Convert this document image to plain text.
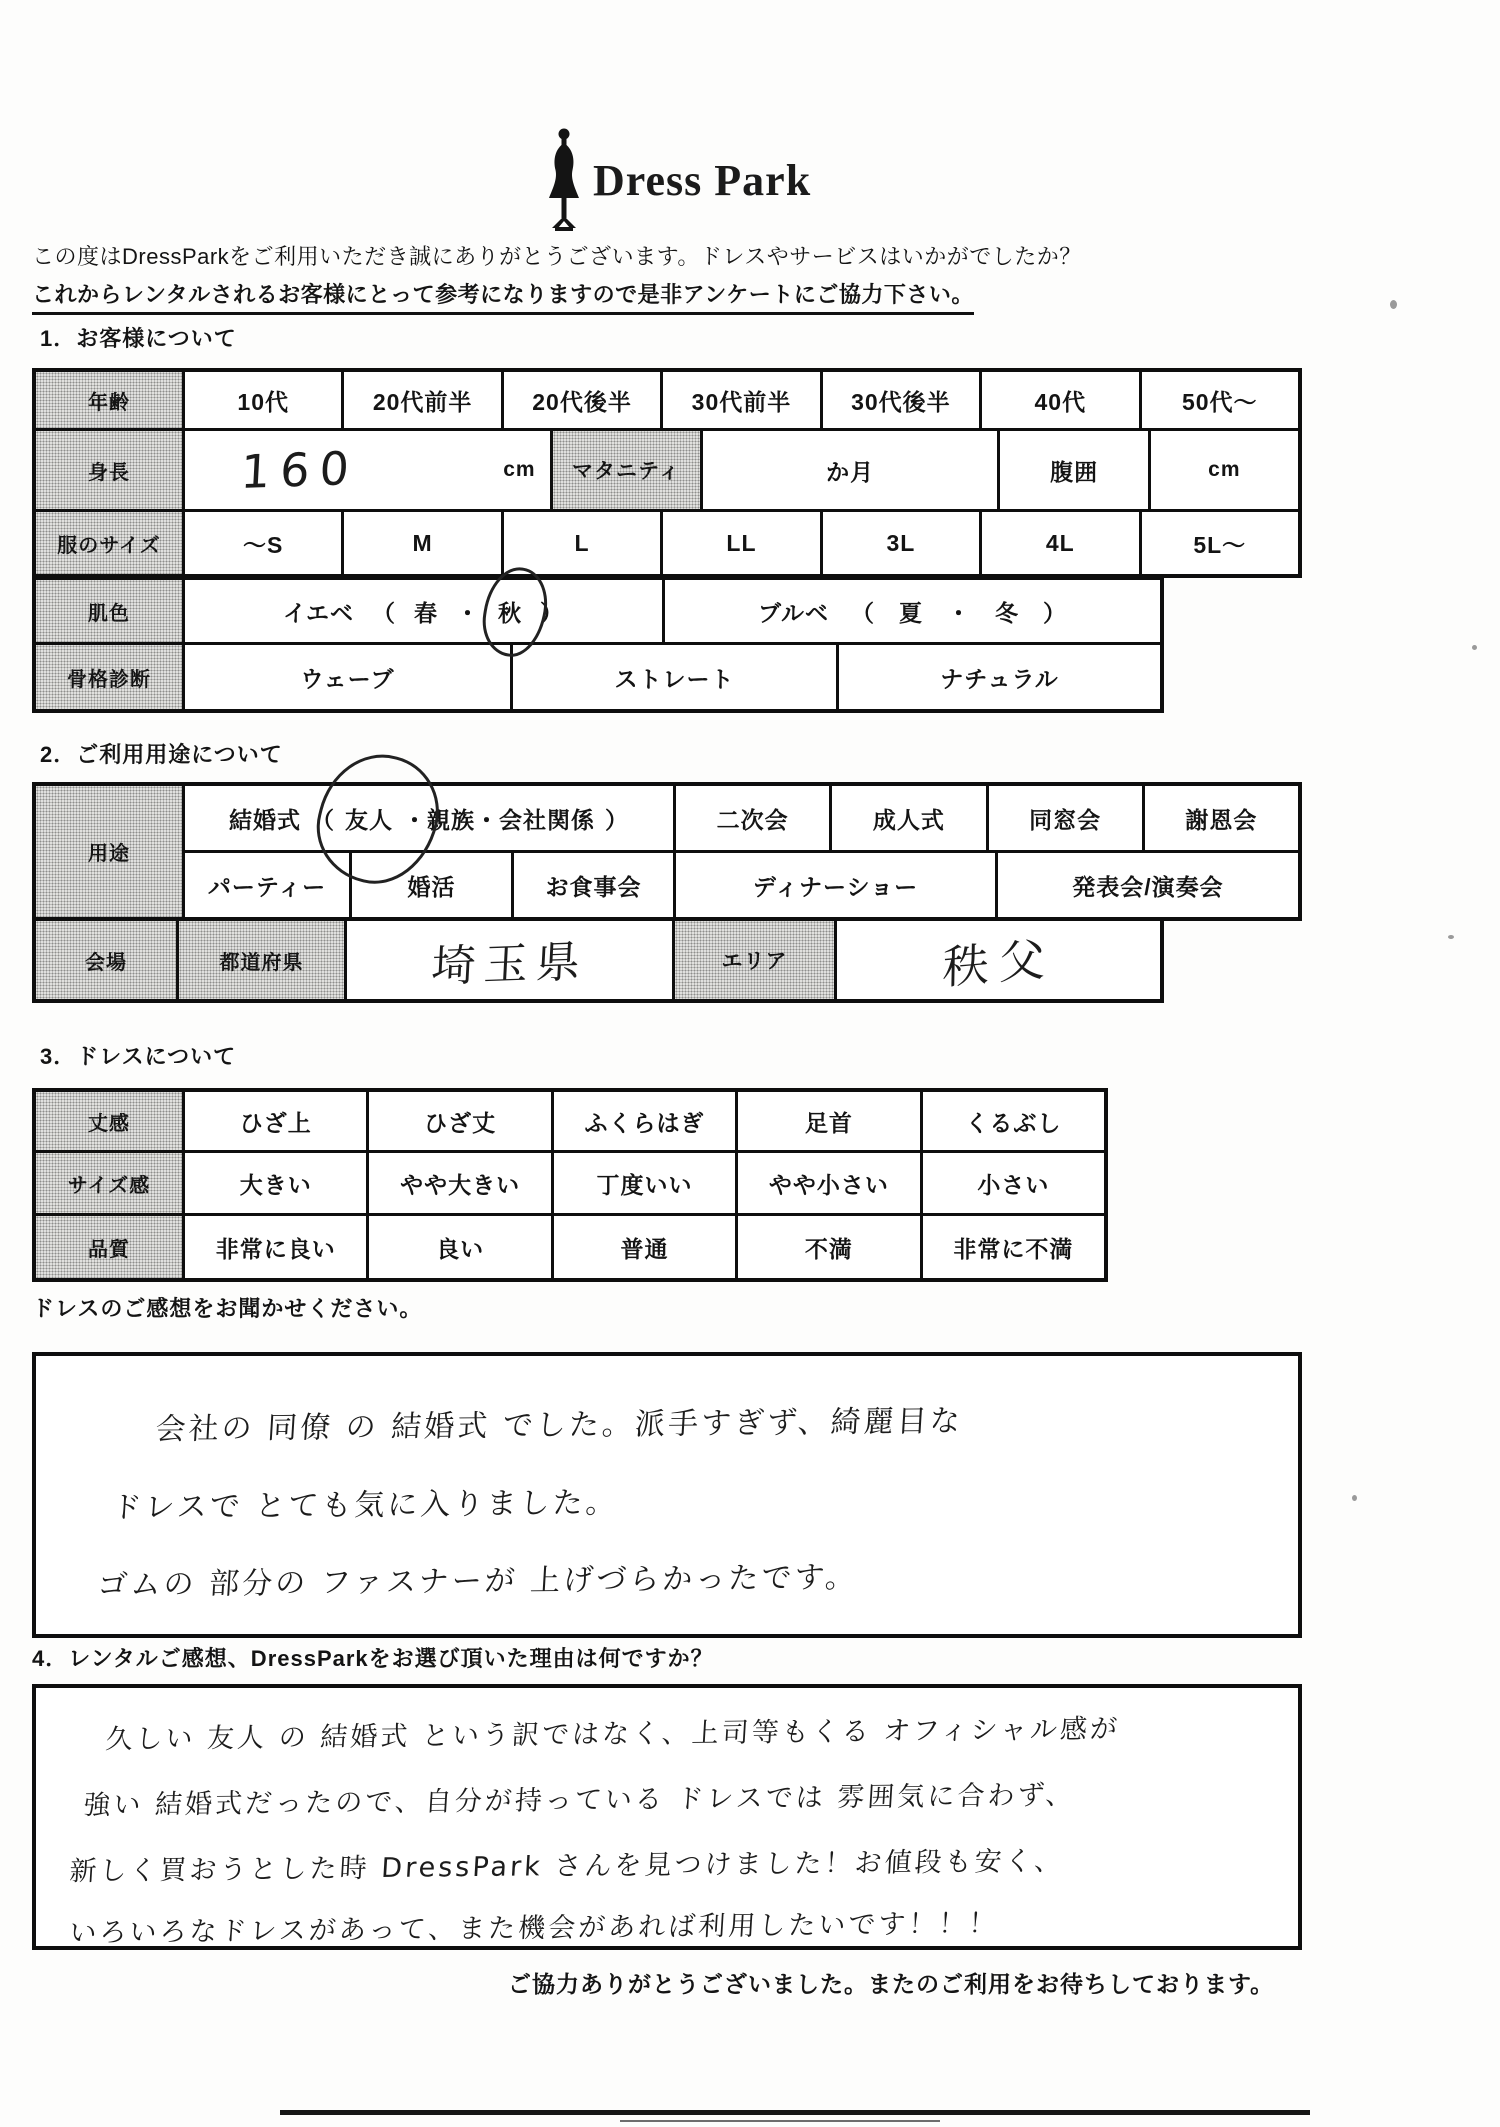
Dress Park
この度はDressParkをご利用いただき誠にありがとうございます。ドレスやサービスはいかがでしたか？
これからレンタルされるお客様にとって参考になりますので是非アンケートにご協力下さい。
1．お客様について
年齢	10代	20代前半	20代後半	30代前半	30代後半	40代	50代〜
身長	160	cm	マタニティ	か月	腹囲	cm
服のサイズ	〜S	M	L	LL	3L	4L	5L〜
肌色	イエベ （ 春 ・ 秋 ）	ブルベ （　夏　・　冬　）
骨格診断	ウェーブ	ストレート	ナチュラル
2．ご利用用途について
用途
結婚式 （ 友人 ・親族・会社関係 ）	二次会	成人式	同窓会	謝恩会
パーティー	婚活	お食事会	ディナーショー	発表会/演奏会
会場	都道府県	埼玉県	エリア	秩父
3．ドレスについて
丈感	ひざ上	ひざ丈	ふくらはぎ	足首	くるぶし
サイズ感	大きい	やや大きい	丁度いい	やや小さい	小さい
品質	非常に良い	良い	普通	不満	非常に不満
ドレスのご感想をお聞かせください。
会社の 同僚 の 結婚式 でした。派手すぎず、綺麗目な
ドレスで とても気に入りました。
ゴムの 部分の ファスナーが 上げづらかったです。
4．レンタルご感想、DressParkをお選び頂いた理由は何ですか？
久しい 友人 の 結婚式 という訳ではなく、上司等もくる オフィシャル感が
強い 結婚式だったので、自分が持っている ドレスでは 雰囲気に合わず、
新しく買おうとした時 DressPark さんを見つけました！お値段も安く、
いろいろなドレスがあって、また機会があれば利用したいです！！！
ご協力ありがとうございました。またのご利用をお待ちしております。
